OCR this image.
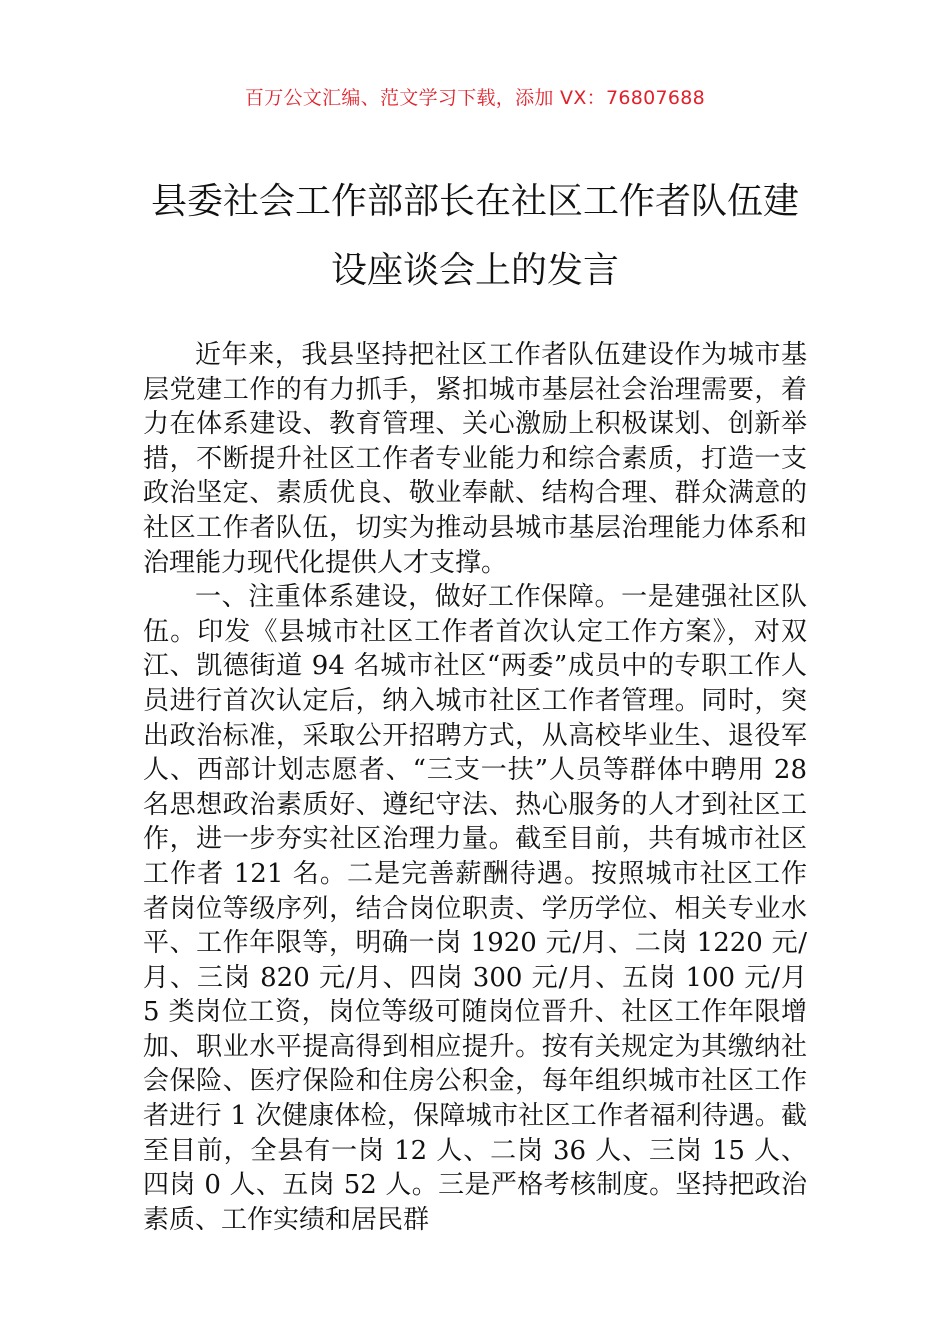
百万公文汇编、范文学习下载，添加 VX：76807688
县委社会工作部部长在社区工作者队伍建
设座谈会上的发言

近年来，我县坚持把社区工作者队伍建设作为城市基层党建工作的有力抓手，紧扣城市基层社会治理需要，着力在体系建设、教育管理、关心激励上积极谋划、创新举措，不断提升社区工作者专业能力和综合素质，打造一支政治坚定、素质优良、敬业奉献、结构合理、群众满意的社区工作者队伍，切实为推动县城市基层治理能力体系和治理能力现代化提供人才支撑。

一、注重体系建设，做好工作保障。一是建强社区队伍。印发《县城市社区工作者首次认定工作方案》，对双江、凯德街道 94 名城市社区“两委”成员中的专职工作人员进行首次认定后，纳入城市社区工作者管理。同时，突出政治标准，采取公开招聘方式，从高校毕业生、退役军人、西部计划志愿者、“三支一扶”人员等群体中聘用 28 名思想政治素质好、遵纪守法、热心服务的人才到社区工作，进一步夯实社区治理力量。截至目前，共有城市社区工作者 121 名。二是完善薪酬待遇。按照城市社区工作者岗位等级序列，结合岗位职责、学历学位、相关专业水平、工作年限等，明确一岗 1920 元/月、二岗 1220 元/月、三岗 820 元/月、四岗 300 元/月、五岗 100 元/月 5 类岗位工资，岗位等级可随岗位晋升、社区工作年限增加、职业水平提高得到相应提升。按有关规定为其缴纳社会保险、医疗保险和住房公积金，每年组织城市社区工作者进行 1 次健康体检，保障城市社区工作者福利待遇。截至目前，全县有一岗 12 人、二岗 36 人、三岗 15 人、四岗 0 人、五岗 52 人。三是严格考核制度。坚持把政治素质、工作实绩和居民群
